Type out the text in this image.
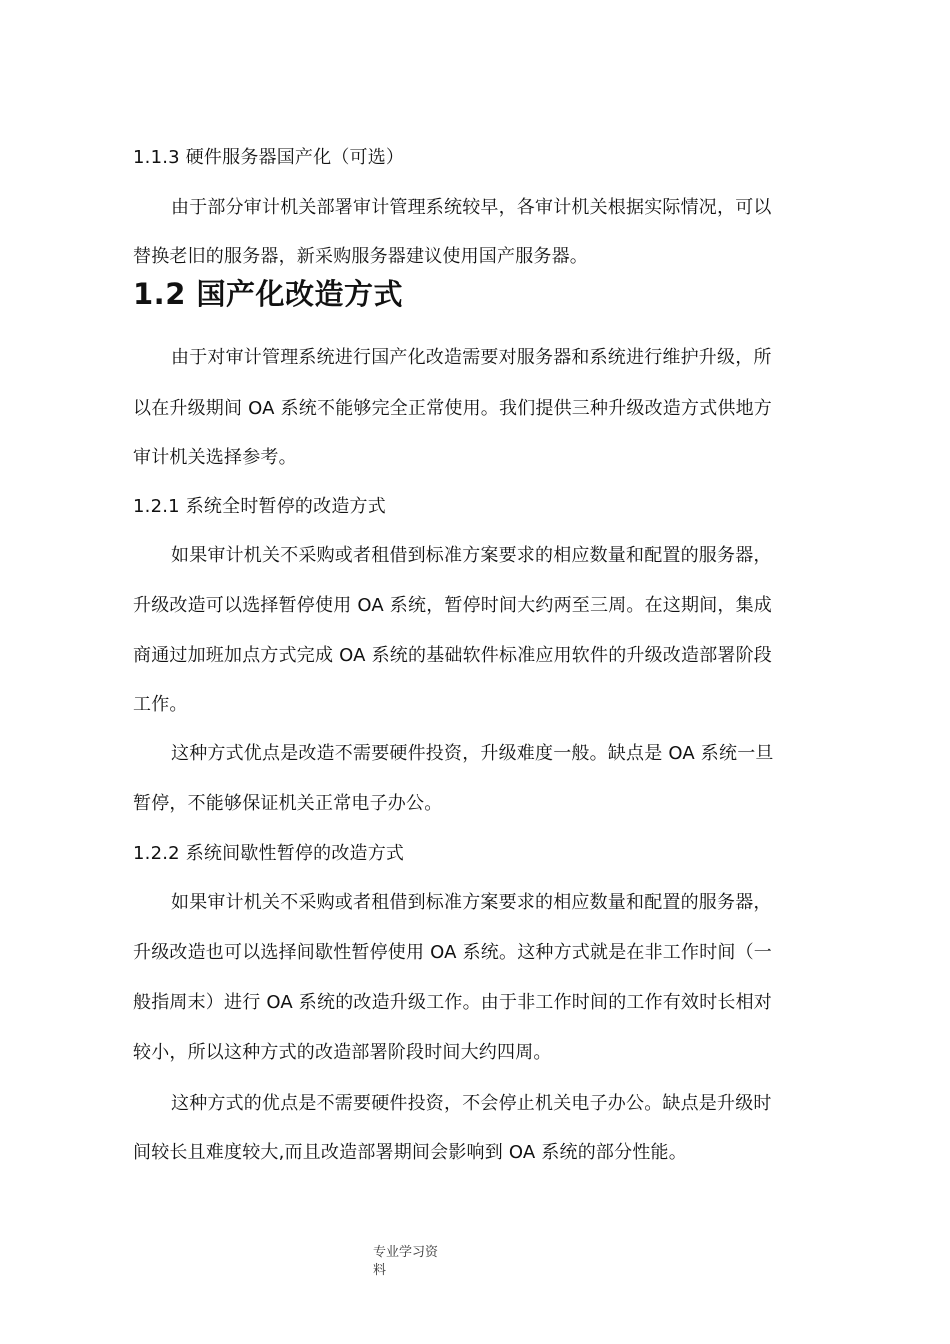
1.1.3 硬件服务器国产化（可选）
由于部分审计机关部署审计管理系统较早，各审计机关根据实际情况，可以
替换老旧的服务器，新采购服务器建议使用国产服务器。
1.2 国产化改造方式
由于对审计管理系统进行国产化改造需要对服务器和系统进行维护升级，所
以在升级期间 OA 系统不能够完全正常使用。我们提供三种升级改造方式供地方
审计机关选择参考。
1.2.1 系统全时暂停的改造方式
如果审计机关不采购或者租借到标准方案要求的相应数量和配置的服务器，
升级改造可以选择暂停使用 OA 系统，暂停时间大约两至三周。在这期间，集成
商通过加班加点方式完成 OA 系统的基础软件标准应用软件的升级改造部署阶段
工作。
这种方式优点是改造不需要硬件投资，升级难度一般。缺点是 OA 系统一旦
暂停，不能够保证机关正常电子办公。
1.2.2 系统间歇性暂停的改造方式
如果审计机关不采购或者租借到标准方案要求的相应数量和配置的服务器，
升级改造也可以选择间歇性暂停使用 OA 系统。这种方式就是在非工作时间（一
般指周末）进行 OA 系统的改造升级工作。由于非工作时间的工作有效时长相对
较小，所以这种方式的改造部署阶段时间大约四周。
这种方式的优点是不需要硬件投资，不会停止机关电子办公。缺点是升级时
间较长且难度较大,而且改造部署期间会影响到 OA 系统的部分性能。
专业学习资
料
